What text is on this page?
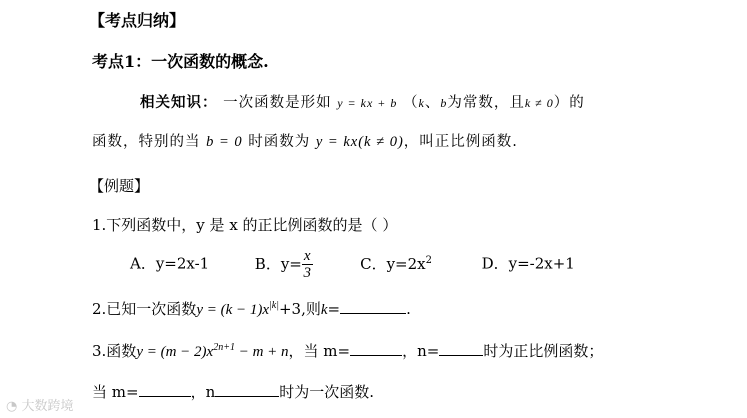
【考点归纳】
考点1：一次函数的概念.
相关知识： 一次函数是形如 y = kx + b （k、b为常数，且k ≠ 0）的
函数，特别的当 b = 0 时函数为 y = kx(k ≠ 0)，叫正比例函数.
【例题】
1.下列函数中，y 是 x 的正比例函数的是（ ）
A．y=2x-1	B．$y= \frac{x}{3}$	C．$y=2x^2$	D．y=-2x+1
2.已知一次函数$y = (k - 1)x^{|k|}+3$,则k=	.
3.函数$y = (m - 2)x^{2n+1} - m + n$，当 m=	，n=	时为正比例函数；
当 m=	，n	时为一次函数.
◔ 大数跨境
